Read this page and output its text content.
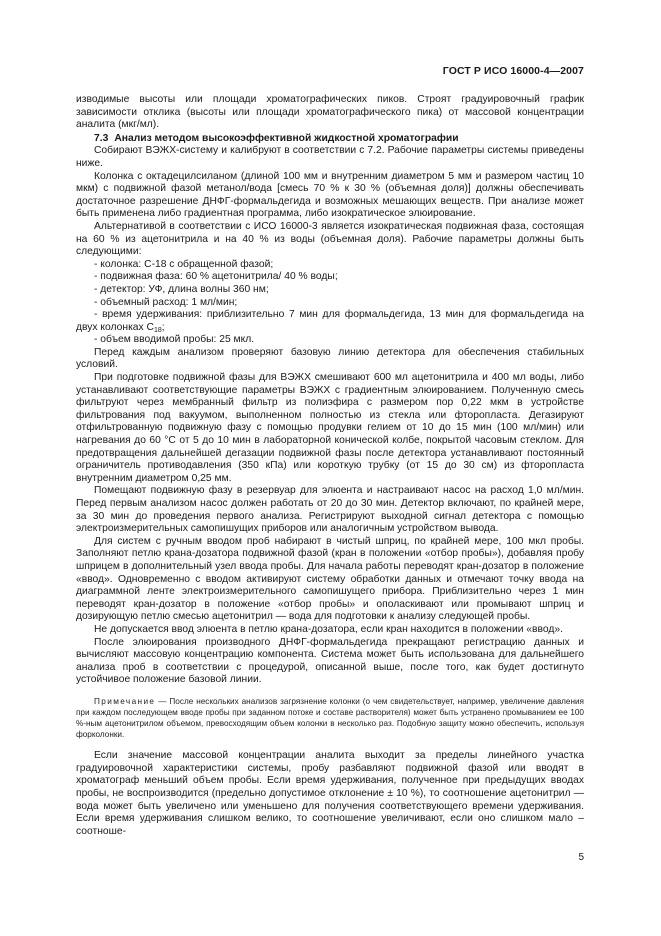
ГОСТ Р ИСО 16000-4—2007

изводимые высоты или площади хроматографических пиков. Строят градуировочный график зависимости отклика (высоты или площади хроматографического пика) от массовой концентрации аналита (мкг/мл).

7.3 Анализ методом высокоэффективной жидкостной хроматографии

Собирают ВЭЖХ-систему и калибруют в соответствии с 7.2. Рабочие параметры системы приведены ниже.

Колонка с октадецилсиланом (длиной 100 мм и внутренним диаметром 5 мм и размером частиц 10 мкм) с подвижной фазой метанол/вода [смесь 70 % к 30 % (объемная доля)] должны обеспечивать достаточное разрешение ДНФГ-формальдегида и возможных мешающих веществ. При анализе может быть применена либо градиентная программа, либо изократическое элюирование.

Альтернативой в соответствии с ИСО 16000-3 является изократическая подвижная фаза, состоящая на 60 % из ацетонитрила и на 40 % из воды (объемная доля). Рабочие параметры должны быть следующими:

- колонка: С-18 с обращенной фазой;

- подвижная фаза: 60 % ацетонитрила/ 40 % воды;

- детектор: УФ, длина волны 360 нм;

- объемный расход: 1 мл/мин;

- время удерживания: приблизительно 7 мин для формальдегида, 13 мин для формальдегида на двух колонках $С_{18}$;

- объем вводимой пробы: 25 мкл.

Перед каждым анализом проверяют базовую линию детектора для обеспечения стабильных условий.

При подготовке подвижной фазы для ВЭЖХ смешивают 600 мл ацетонитрила и 400 мл воды, либо устанавливают соответствующие параметры ВЭЖХ с градиентным элюированием. Полученную смесь фильтруют через мембранный фильтр из полиэфира с размером пор 0,22 мкм в устройстве фильтрования под вакуумом, выполненном полностью из стекла или фторопласта. Дегазируют отфильтрованную подвижную фазу с помощью продувки гелием от 10 до 15 мин (100 мл/мин) или нагревания до 60 °С от 5 до 10 мин в лабораторной конической колбе, покрытой часовым стеклом. Для предотвращения дальнейшей дегазации подвижной фазы после детектора устанавливают постоянный ограничитель противодавления (350 кПа) или короткую трубку (от 15 до 30 см) из фторопласта внутренним диаметром 0,25 мм.

Помещают подвижную фазу в резервуар для элюента и настраивают насос на расход 1,0 мл/мин. Перед первым анализом насос должен работать от 20 до 30 мин. Детектор включают, по крайней мере, за 30 мин до проведения первого анализа. Регистрируют выходной сигнал детектора с помощью электроизмерительных самопишущих приборов или аналогичным устройством вывода.

Для систем с ручным вводом проб набирают в чистый шприц, по крайней мере, 100 мкл пробы. Заполняют петлю крана-дозатора подвижной фазой (кран в положении «отбор пробы»), добавляя пробу шприцем в дополнительный узел ввода пробы. Для начала работы переводят кран-дозатор в положение «ввод». Одновременно с вводом активируют систему обработки данных и отмечают точку ввода на диаграммной ленте электроизмерительного самопишущего прибора. Приблизительно через 1 мин переводят кран-дозатор в положение «отбор пробы» и ополаскивают или промывают шприц и дозирующую петлю смесью ацетонитрил — вода для подготовки к анализу следующей пробы.

Не допускается ввод элюента в петлю крана-дозатора, если кран находится в положении «ввод».

После элюирования производного ДНФГ-формальдегида прекращают регистрацию данных и вычисляют массовую концентрацию компонента. Система может быть использована для дальнейшего анализа проб в соответствии с процедурой, описанной выше, после того, как будет достигнуто устойчивое положение базовой линии.

Примечание — После нескольких анализов загрязнение колонки (о чем свидетельствует, например, увеличение давления при каждом последующем вводе пробы при заданном потоке и составе растворителя) может быть устранено промыванием ее 100 %-ным ацетонитрилом объемом, превосходящим объем колонки в несколько раз. Подобную защиту можно обеспечить, используя форколонки.

Если значение массовой концентрации аналита выходит за пределы линейного участка градуировочной характеристики системы, пробу разбавляют подвижной фазой или вводят в хроматограф меньший объем пробы. Если время удерживания, полученное при предыдущих вводах пробы, не воспроизводится (предельно допустимое отклонение ± 10 %), то соотношение ацетонитрил — вода может быть увеличено или уменьшено для получения соответствующего времени удерживания. Если время удерживания слишком велико, то соотношение увеличивают, если оно слишком мало – соотноше-

5
